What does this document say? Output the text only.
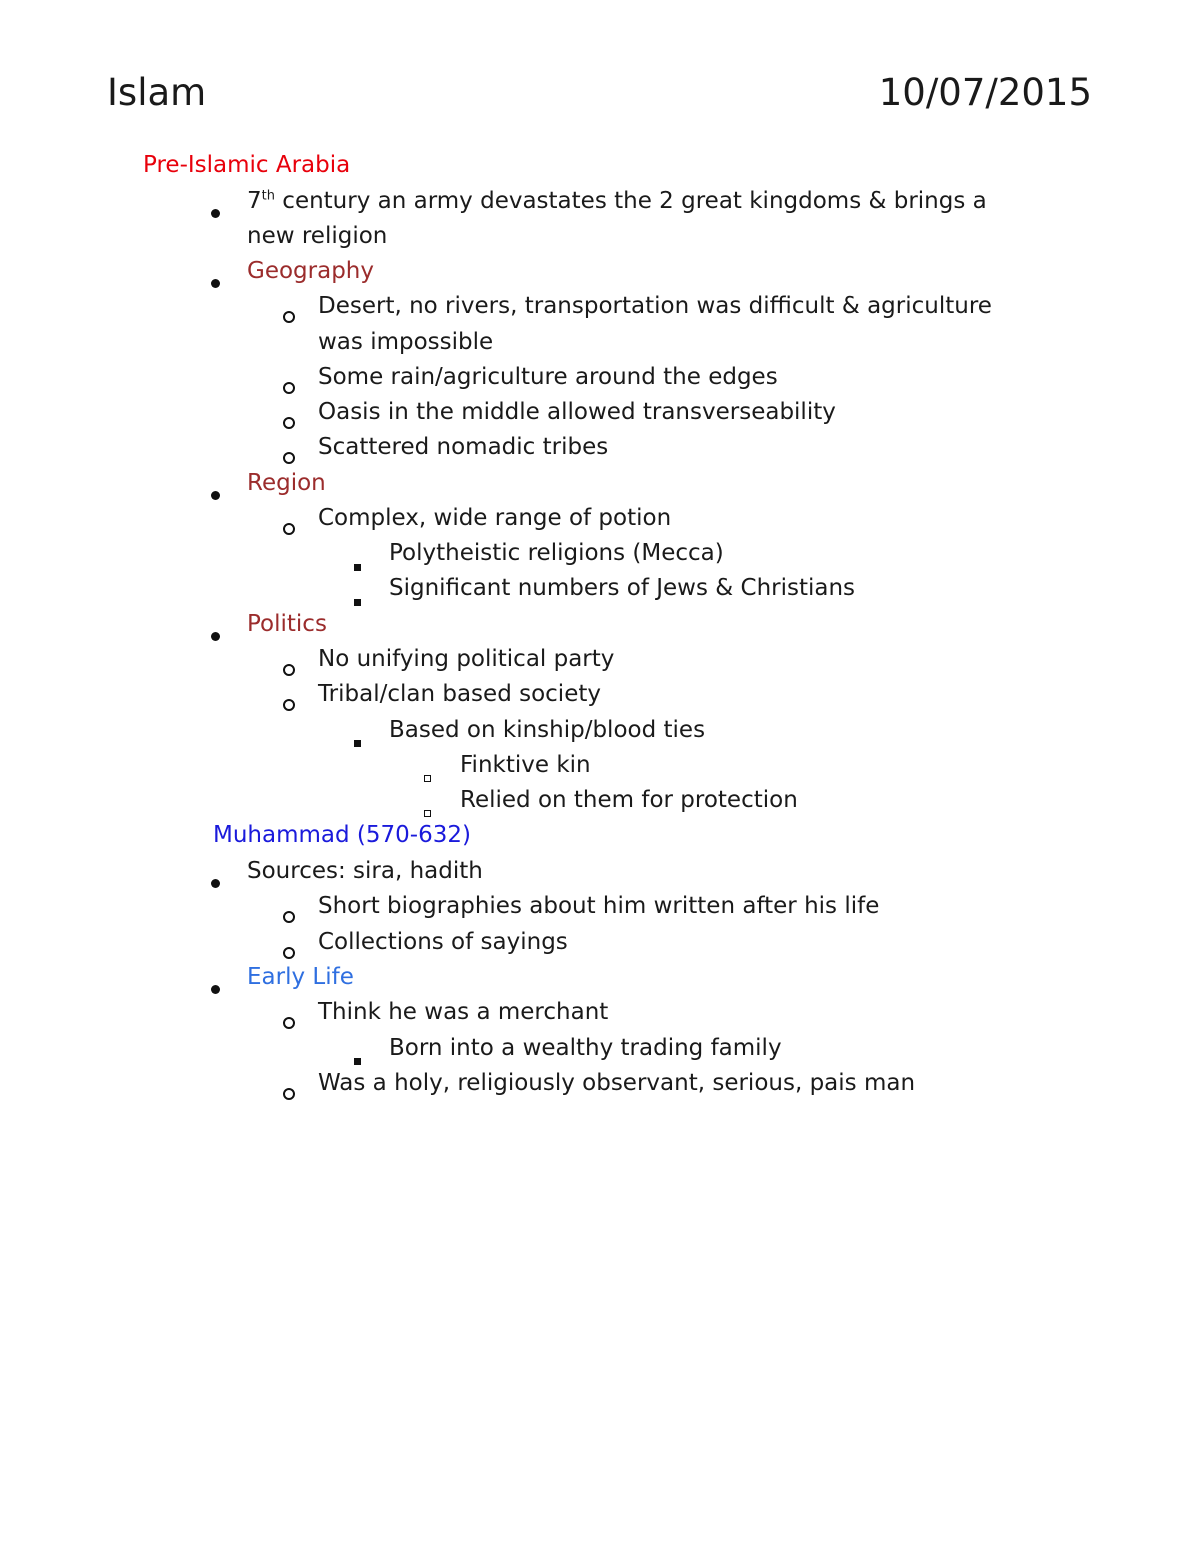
Islam	10/07/2015
Pre-Islamic Arabia
7th century an army devastates the 2 great kingdoms & brings a
new religion
Geography
Desert, no rivers, transportation was difficult & agriculture
was impossible
Some rain/agriculture around the edges
Oasis in the middle allowed transverseability
Scattered nomadic tribes
Region
Complex, wide range of potion
Polytheistic religions (Mecca)
Significant numbers of Jews & Christians
Politics
No unifying political party
Tribal/clan based society
Based on kinship/blood ties
Finktive kin
Relied on them for protection
Muhammad (570-632)
Sources: sira, hadith
Short biographies about him written after his life
Collections of sayings
Early Life
Think he was a merchant
Born into a wealthy trading family
Was a holy, religiously observant, serious, pais man
